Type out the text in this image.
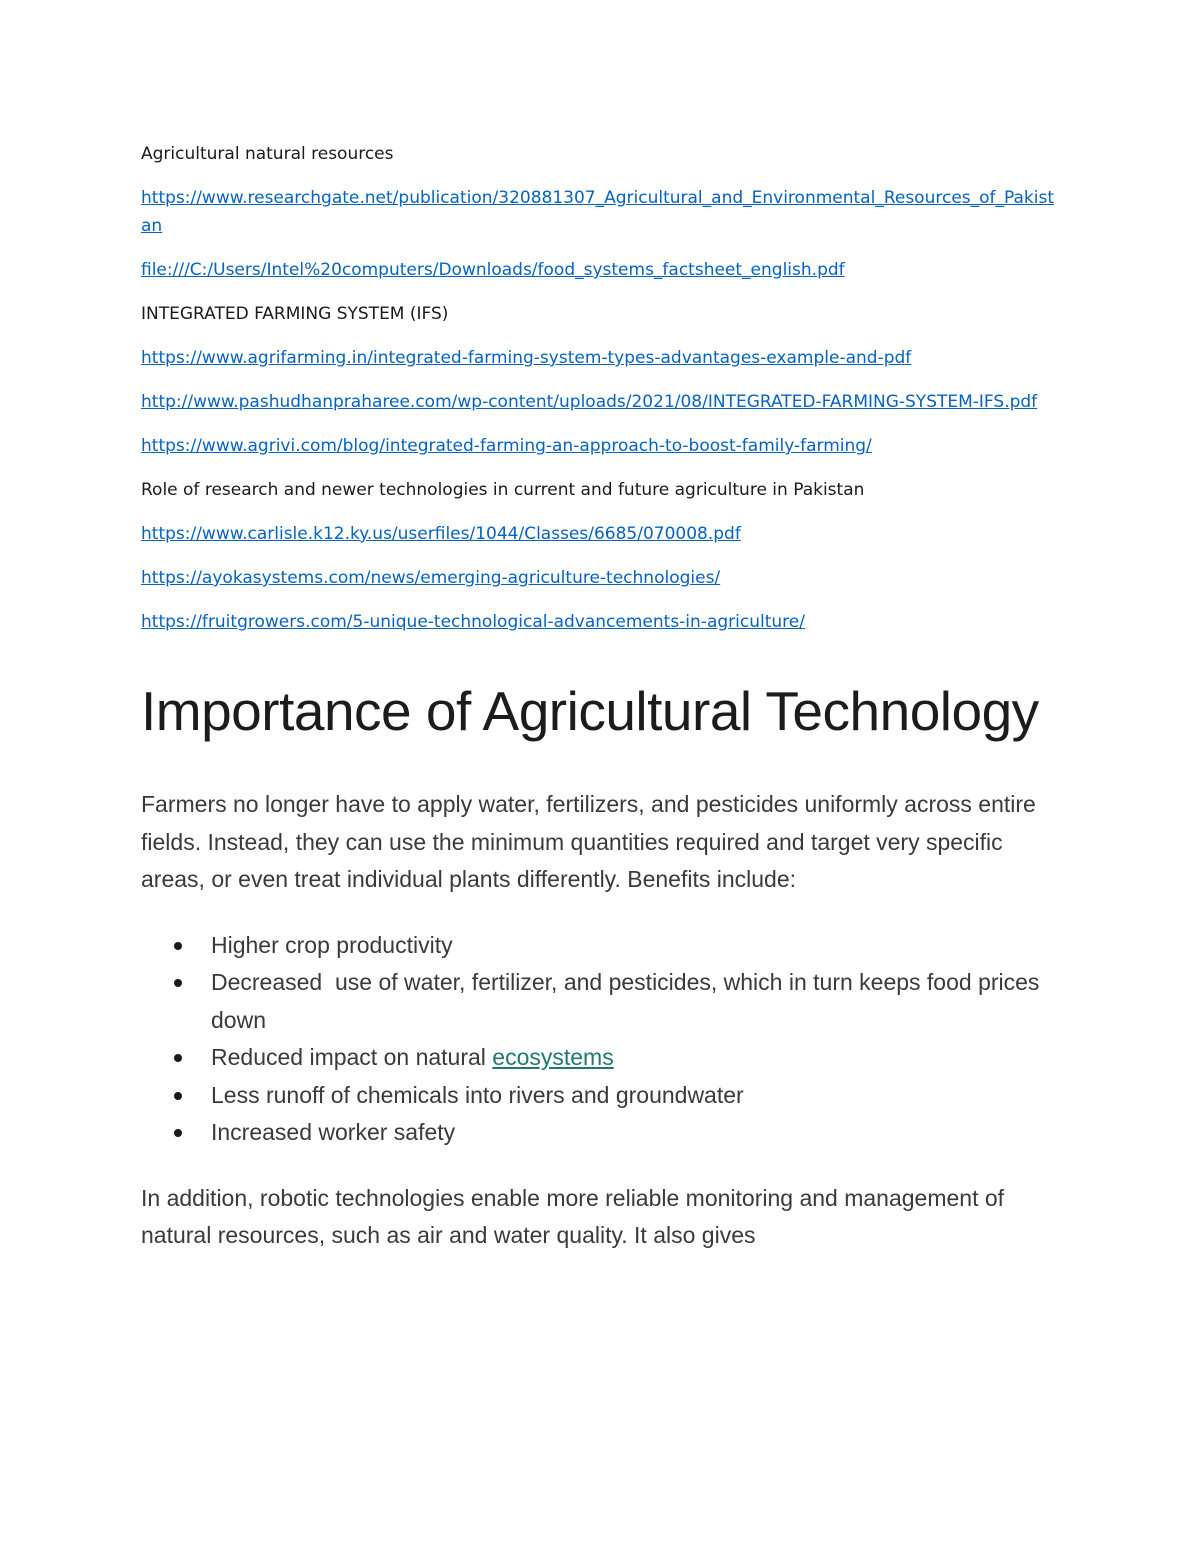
Agricultural natural resources

https://www.researchgate.net/publication/320881307_Agricultural_and_Environmental_Resources_of_Pakistan
file:///C:/Users/Intel%20computers/Downloads/food_systems_factsheet_english.pdf

INTEGRATED FARMING SYSTEM (IFS)

https://www.agrifarming.in/integrated-farming-system-types-advantages-example-and-pdf
http://www.pashudhanpraharee.com/wp-content/uploads/2021/08/INTEGRATED-FARMING-SYSTEM-IFS.pdf
https://www.agrivi.com/blog/integrated-farming-an-approach-to-boost-family-farming/

Role of research and newer technologies in current and future agriculture in Pakistan

https://www.carlisle.k12.ky.us/userfiles/1044/Classes/6685/070008.pdf
https://ayokasystems.com/news/emerging-agriculture-technologies/
https://fruitgrowers.com/5-unique-technological-advancements-in-agriculture/
Importance of Agricultural Technology

Farmers no longer have to apply water, fertilizers, and pesticides uniformly across entire fields. Instead, they can use the minimum quantities required and target very specific areas, or even treat individual plants differently. Benefits include:

Higher crop productivity
Decreased  use of water, fertilizer, and pesticides, which in turn keeps food prices down
Reduced impact on natural ecosystems
Less runoff of chemicals into rivers and groundwater
Increased worker safety

In addition, robotic technologies enable more reliable monitoring and management of natural resources, such as air and water quality. It also gives
